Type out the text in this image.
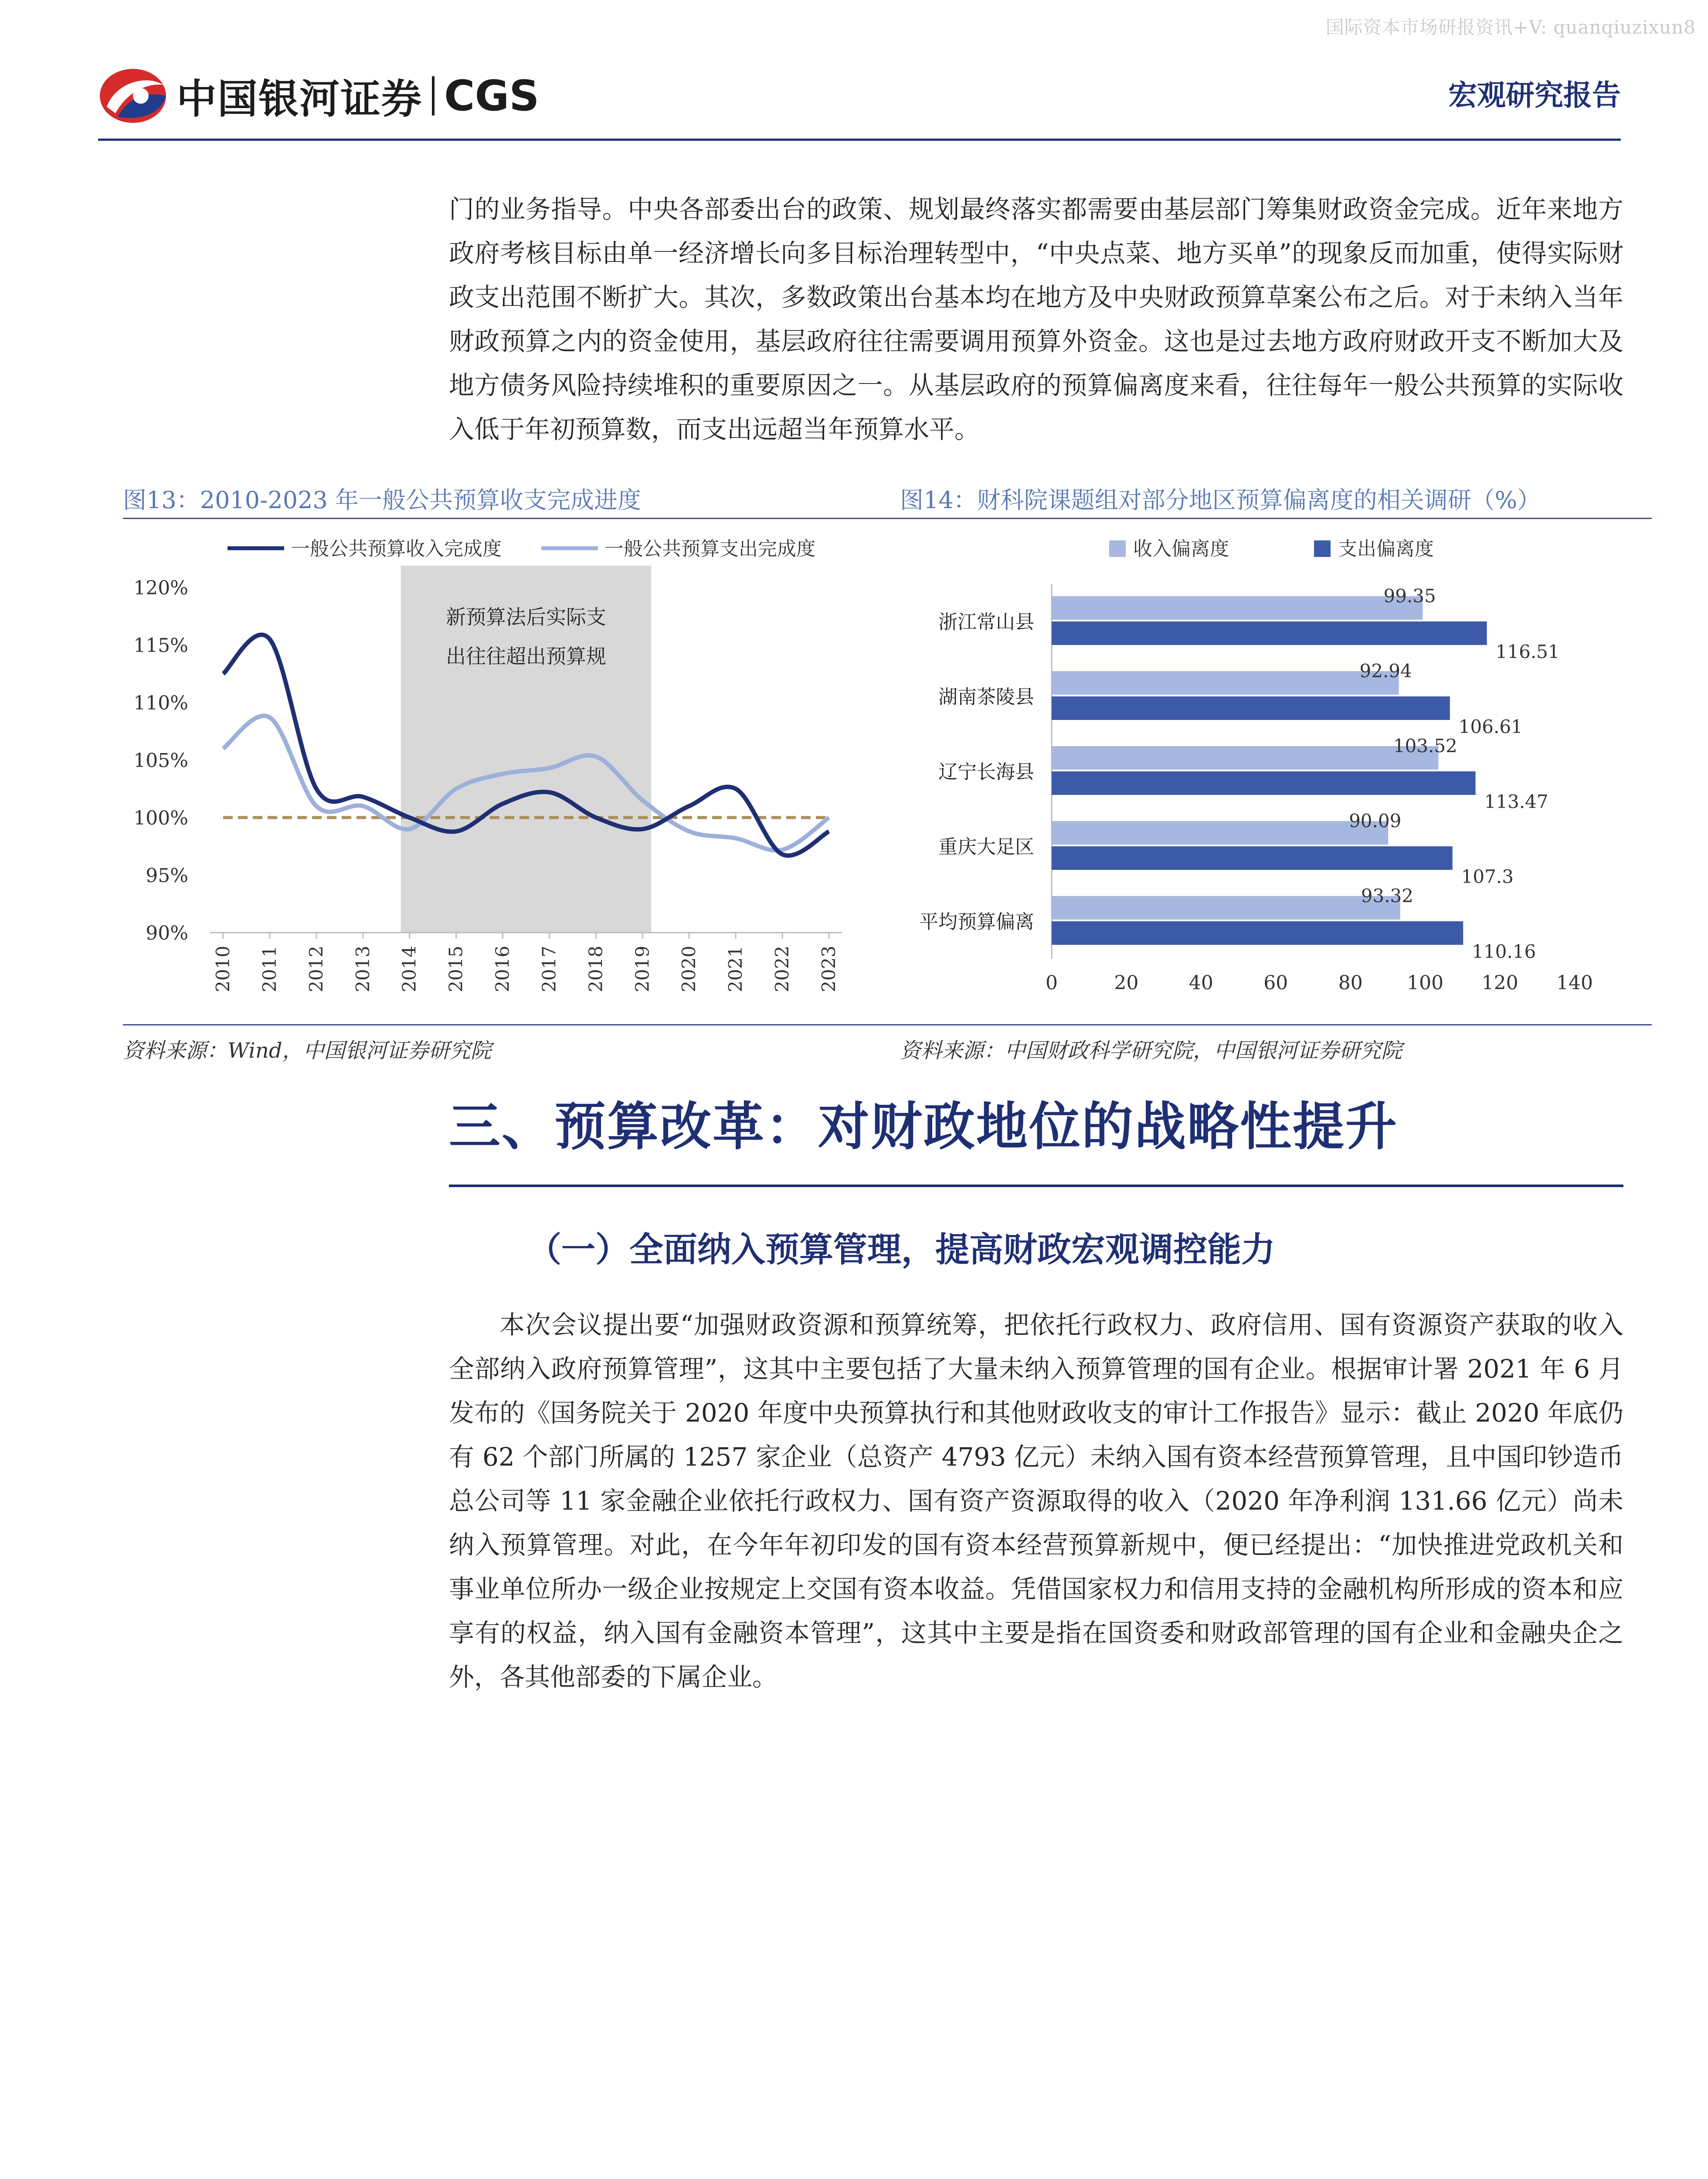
国际资本市场研报资讯+V: quanqiuzixun8
中国银河证券 CGS	宏观研究报告

门的业务指导。中央各部委出台的政策、规划最终落实都需要由基层部门筹集财政资金完成。近年来地方政府考核目标由单一经济增长向多目标治理转型中，“中央点菜、地方买单”的现象反而加重，使得实际财政支出范围不断扩大。其次，多数政策出台基本均在地方及中央财政预算草案公布之后。对于未纳入当年财政预算之内的资金使用，基层政府往往需要调用预算外资金。这也是过去地方政府财政开支不断加大及地方债务风险持续堆积的重要原因之一。从基层政府的预算偏离度来看，往往每年一般公共预算的实际收入低于年初预算数，而支出远超当年预算水平。

图13：2010-2023 年一般公共预算收支完成进度
一般公共预算收入完成度	一般公共预算支出完成度
120%
115%
110%
105%
100%
95%
90%
2010 2011 2012 2013 2014 2015 2016 2017 2018 2019 2020 2021 2022 2023
新预算法后实际支
出往往超出预算规
资料来源：Wind，中国银河证券研究院
图14：财科院课题组对部分地区预算偏离度的相关调研（%）
收入偏离度	支出偏离度
0	20	40	60	80 100 120 140
浙江常山县
99.35
116.51
湖南茶陵县
92.94
106.61
辽宁长海县
103.52
113.47
重庆大足区
90.09
107.3
平均预算偏离
93.32
110.16
资料来源：中国财政科学研究院，中国银河证券研究院
三、预算改革：对财政地位的战略性提升
（一）全面纳入预算管理，提高财政宏观调控能力

本次会议提出要“加强财政资源和预算统筹，把依托行政权力、政府信用、国有资源资产获取的收入全部纳入政府预算管理”，这其中主要包括了大量未纳入预算管理的国有企业。根据审计署 2021 年 6 月发布的《国务院关于 2020 年度中央预算执行和其他财政收支的审计工作报告》显示：截止 2020 年底仍有 62 个部门所属的 1257 家企业（总资产 4793 亿元）未纳入国有资本经营预算管理，且中国印钞造币总公司等 11 家金融企业依托行政权力、国有资产资源取得的收入（2020 年净利润 131.66 亿元）尚未纳入预算管理。对此，在今年年初印发的国有资本经营预算新规中，便已经提出：“加快推进党政机关和事业单位所办一级企业按规定上交国有资本收益。凭借国家权力和信用支持的金融机构所形成的资本和应享有的权益，纳入国有金融资本管理”，这其中主要是指在国资委和财政部管理的国有企业和金融央企之外，各其他部委的下属企业。
